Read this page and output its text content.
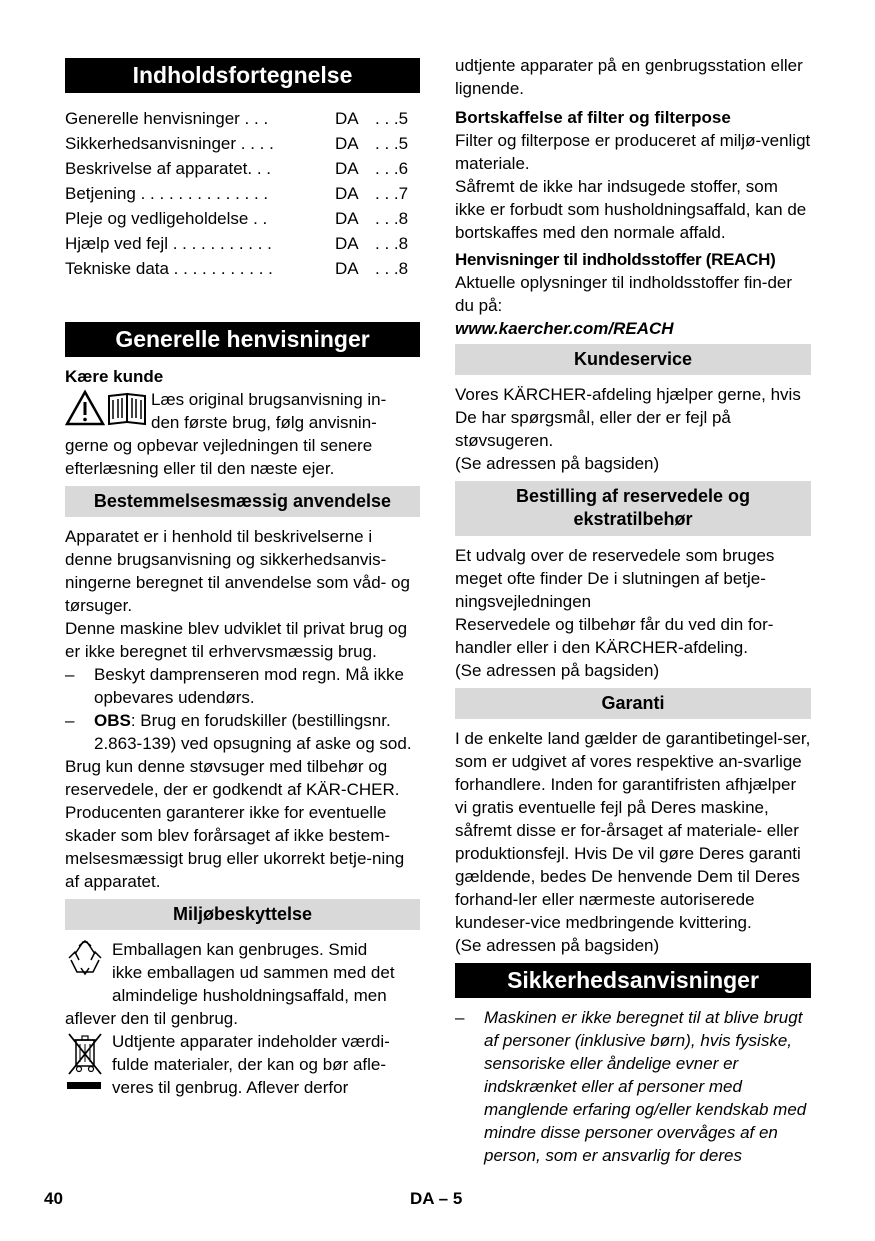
Indholdsfortegnelse
Generelle henvisninger . . .	DA . . .5
Sikkerhedsanvisninger . . . .	DA . . .5
Beskrivelse af apparatet. . .	DA . . .6
Betjening . . . . . . . . . . . . . .	DA . . .7
Pleje og vedligeholdelse . .	DA . . .8
Hjælp ved fejl . . . . . . . . . . .	DA . . .8
Tekniske data . . . . . . . . . . .	DA . . .8
Generelle henvisninger
Kære kunde

Læs original brugsanvisning in-

den første brug, følg anvisnin-

gerne og opbevar vejledningen til senere efterlæsning eller til den næste ejer.

Bestemmelsesmæssig anvendelse

Apparatet er i henhold til beskrivelserne i denne brugsanvisning og sikkerhedsanvis-ningerne beregnet til anvendelse som våd- og tørsuger.

Denne maskine blev udviklet til privat brug og er ikke beregnet til erhvervsmæssig brug.

– Beskyt damprenseren mod regn. Må ikke opbevares udendørs.
– OBS: Brug en forudskiller (bestillingsnr. 2.863-139) ved opsugning af aske og sod.

Brug kun denne støvsuger med tilbehør og reservedele, der er godkendt af KÄR-CHER.

Producenten garanterer ikke for eventuelle skader som blev forårsaget af ikke bestem-melsesmæssigt brug eller ukorrekt betje-ning af apparatet.

Miljøbeskyttelse

Emballagen kan genbruges. Smid

ikke emballagen ud sammen med det

almindelige husholdningsaffald, men

aflever den til genbrug.

Udtjente apparater indeholder værdi-

fulde materialer, der kan og bør afle-

veres til genbrug. Aflever derfor

udtjente apparater på en genbrugsstation eller lignende.

Bortskaffelse af filter og filterpose

Filter og filterpose er produceret af miljø-venligt materiale.

Såfremt de ikke har indsugede stoffer, som ikke er forbudt som husholdningsaffald, kan de bortskaffes med den normale affald.

Henvisninger til indholdsstoffer (REACH)

Aktuelle oplysninger til indholdsstoffer fin-der du på:

www.kaercher.com/REACH

Kundeservice

Vores KÄRCHER-afdeling hjælper gerne, hvis De har spørgsmål, eller der er fejl på støvsugeren.

(Se adressen på bagsiden)

Bestilling af reservedele og
ekstratilbehør

Et udvalg over de reservedele som bruges meget ofte finder De i slutningen af betje-ningsvejledningen

Reservedele og tilbehør får du ved din for-handler eller i den KÄRCHER-afdeling.

(Se adressen på bagsiden)

Garanti

I de enkelte land gælder de garantibetingel-ser, som er udgivet af vores respektive an-svarlige forhandlere. Inden for garantifristen afhjælper vi gratis eventuelle fejl på Deres maskine, såfremt disse er for-årsaget af materiale- eller produktionsfejl. Hvis De vil gøre Deres garanti gældende, bedes De henvende Dem til Deres forhand-ler eller nærmeste autoriserede kundeser-vice medbringende kvittering.

(Se adressen på bagsiden)

Sikkerhedsanvisninger
– Maskinen er ikke beregnet til at blive brugt af personer (inklusive børn), hvis fysiske, sensoriske eller åndelige evner er indskrænket eller af personer med manglende erfaring og/eller kendskab med mindre disse personer overvåges af en person, som er ansvarlig for deres
40	DA – 5
